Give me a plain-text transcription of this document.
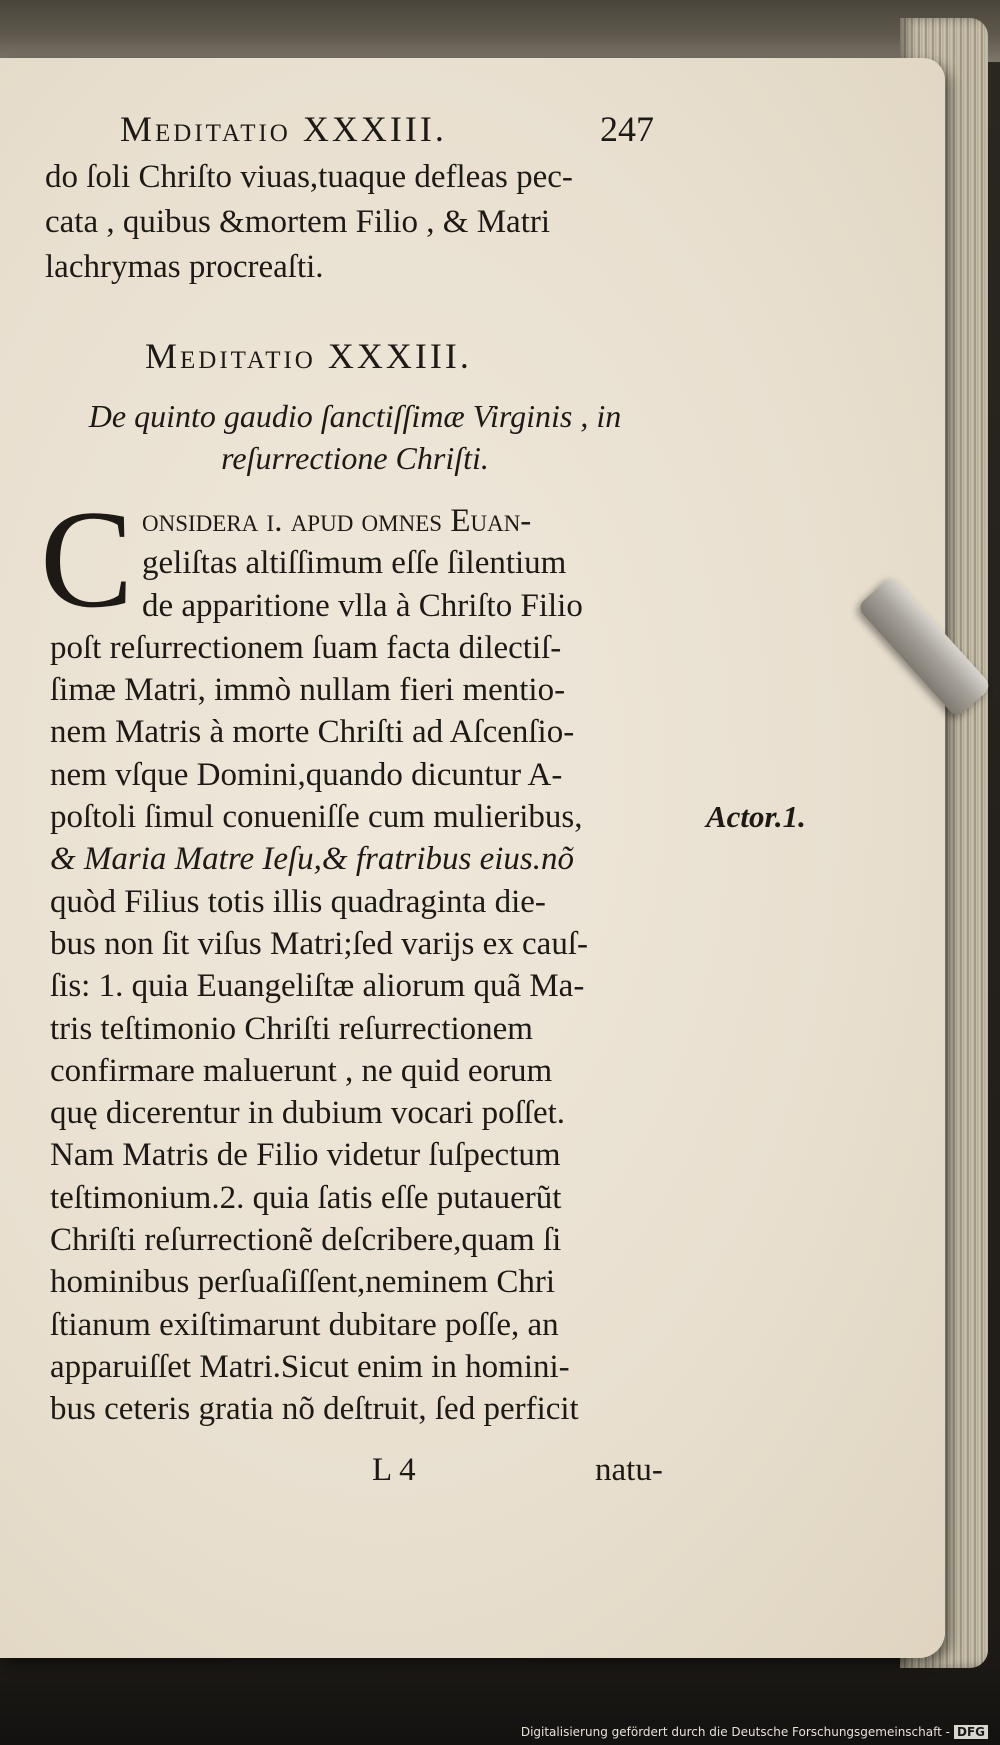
Meditatio XXXIII.	247
do ſoli Chriſto viuas,tuaque defleas pec-
cata , quibus &mortem Filio , & Matri
lachrymas procreaſti.
Meditatio XXXIII.
De quinto gaudio ſanctiſſimæ Virginis , in
reſurrectione Chriſti.
C onsidera i. apud omnes Euan-
geliſtas altiſſimum eſſe ſilentium
de apparitione vlla à Chriſto Filio
poſt reſurrectionem ſuam facta dilectiſ-
ſimæ Matri, immò nullam fieri mentio-
nem Matris à morte Chriſti ad Aſcenſio-
nem vſque Domini,quando dicuntur A-
poſtoli ſimul conueniſſe cum mulieribus,
& Maria Matre Ieſu,& fratribus eius.nõ
quòd Filius totis illis quadraginta die-
bus non ſit viſus Matri;ſed varijs ex cauſ-
ſis: 1. quia Euangeliſtæ aliorum quã Ma-
tris teſtimonio Chriſti reſurrectionem
confirmare maluerunt , ne quid eorum
quę dicerentur in dubium vocari poſſet.
Nam Matris de Filio videtur ſuſpectum
teſtimonium.2. quia ſatis eſſe putauerũt
Chriſti reſurrectionẽ deſcribere,quam ſi
hominibus perſuaſiſſent,neminem Chri
ſtianum exiſtimarunt dubitare poſſe, an
apparuiſſet Matri.Sicut enim in homini-
bus ceteris gratia nõ deſtruit, ſed perficit
Actor.1.
L 4	natu-
Digitalisierung gefördert durch die Deutsche Forschungsgemeinschaft - DFG
